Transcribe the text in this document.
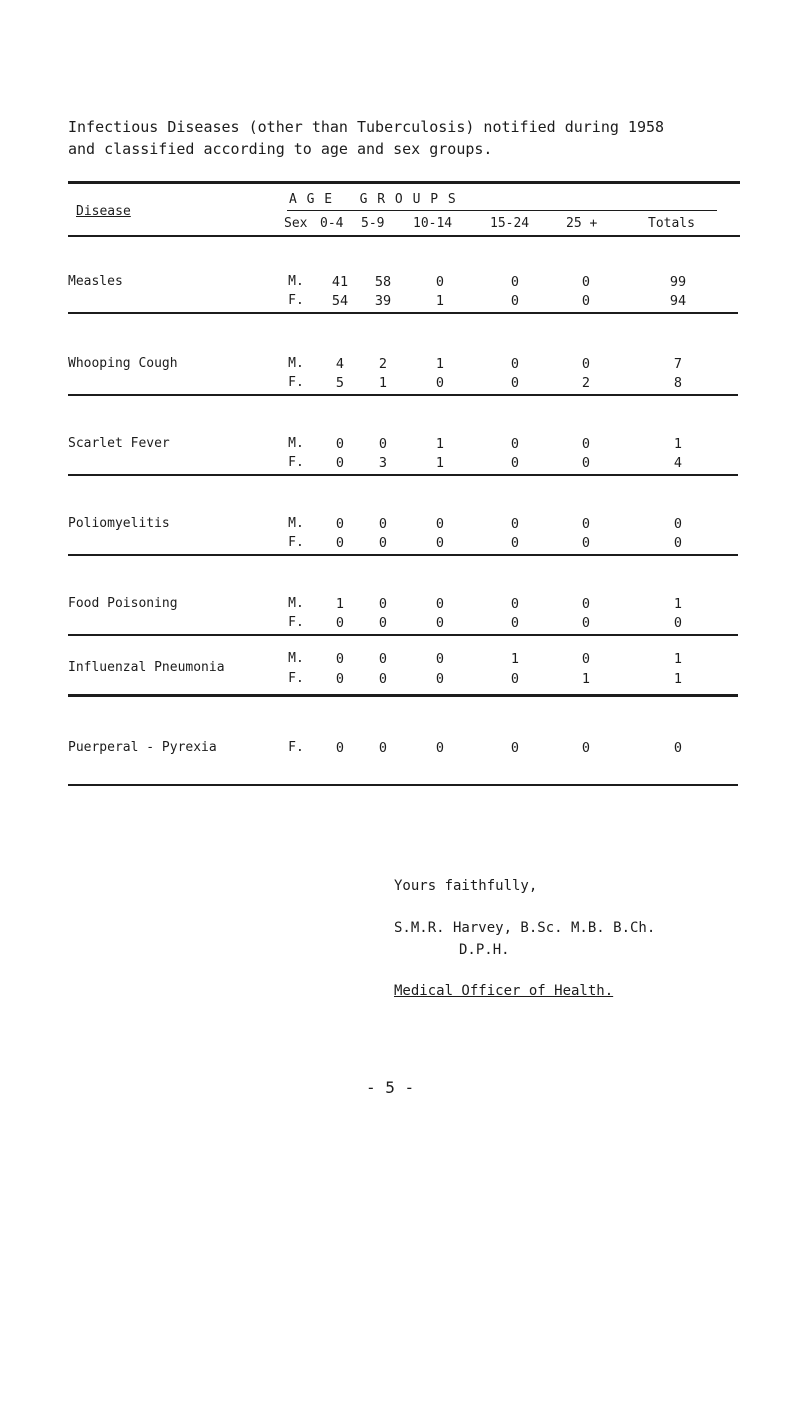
Infectious Diseases (other than Tuberculosis) notified during 1958
and classified according to age and sex groups.
Disease
A G E   G R O U P S
Sex 0-4 5-9 10-14	15-24	25 +	Totals
Measles	M.	41	58	0	0	0	99
F.	54	39	1	0	0	94
Whooping Cough	M.	4	2	1	0	0	7
F.	5	1	0	0	2	8
Scarlet Fever	M.	0	0	1	0	0	1
F.	0	3	1	0	0	4
Poliomyelitis	M.	0	0	0	0	0	0
F.	0	0	0	0	0	0
Food Poisoning	M.	1	0	0	0	0	1
F.	0	0	0	0	0	0
Influenzal Pneumonia
M.	0	0	0	1	0	1
F.	0	0	0	0	1	1
Puerperal - Pyrexia	F.	0	0	0	0	0	0
Yours faithfully,
S.M.R. Harvey, B.Sc. M.B. B.Ch.
D.P.H.
Medical Officer of Health.
- 5 -
